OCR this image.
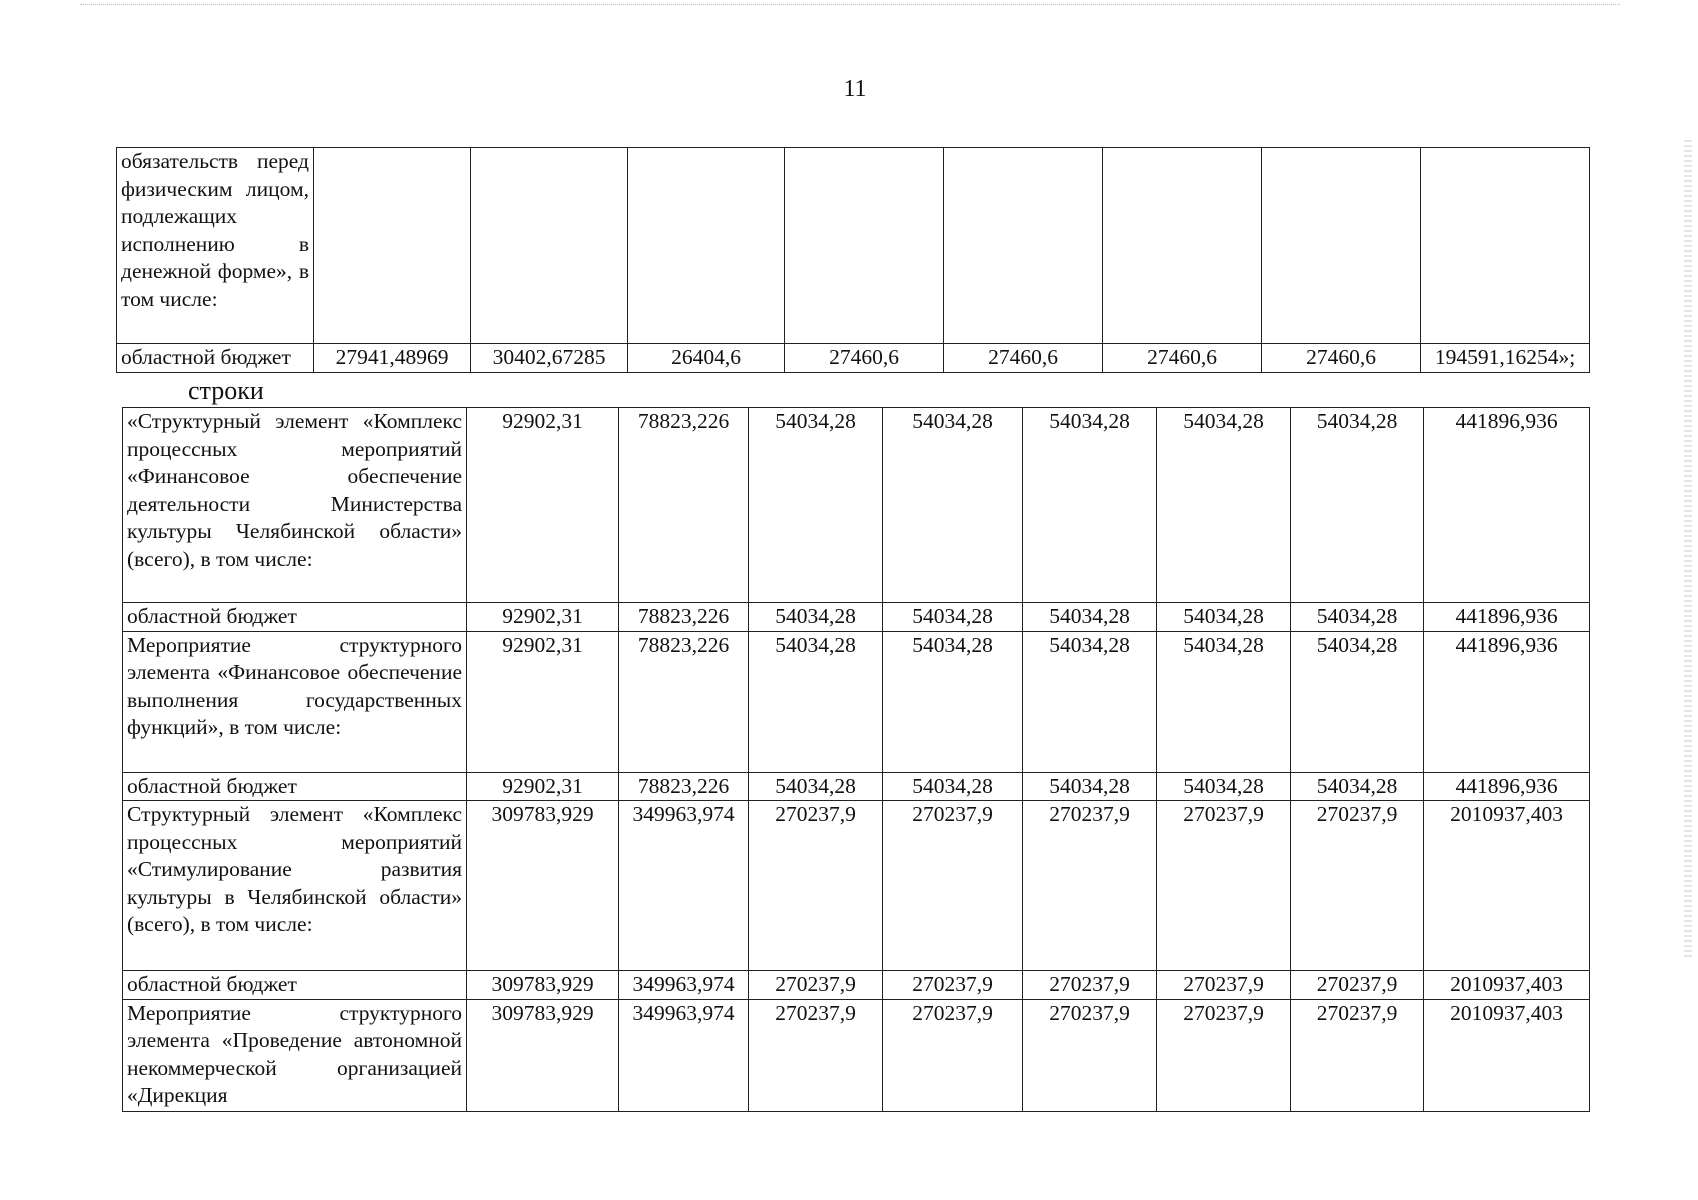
11
обязательств перед физическим лицом, подлежащих исполнению в денежной форме», в том числе:								
областной бюджет	27941,48969	30402,67285	26404,6	27460,6	27460,6	27460,6	27460,6	194591,16254»;
строки
«Структурный элемент «Комплекс процессных мероприятий «Финансовое обеспечение деятельности Министерства культуры Челябинской области» (всего), в том числе:	92902,31	78823,226	54034,28	54034,28	54034,28	54034,28	54034,28	441896,936
областной бюджет	92902,31	78823,226	54034,28	54034,28	54034,28	54034,28	54034,28	441896,936
Мероприятие структурного элемента «Финансовое обеспечение выполнения государственных функций», в том числе:	92902,31	78823,226	54034,28	54034,28	54034,28	54034,28	54034,28	441896,936
областной бюджет	92902,31	78823,226	54034,28	54034,28	54034,28	54034,28	54034,28	441896,936
Структурный элемент «Комплекс процессных мероприятий «Стимулирование развития культуры в Челябинской области» (всего), в том числе:	309783,929	349963,974	270237,9	270237,9	270237,9	270237,9	270237,9	2010937,403
областной бюджет	309783,929	349963,974	270237,9	270237,9	270237,9	270237,9	270237,9	2010937,403
Мероприятие структурного элемента «Проведение автономной некоммерческой организацией «Дирекция	309783,929	349963,974	270237,9	270237,9	270237,9	270237,9	270237,9	2010937,403
